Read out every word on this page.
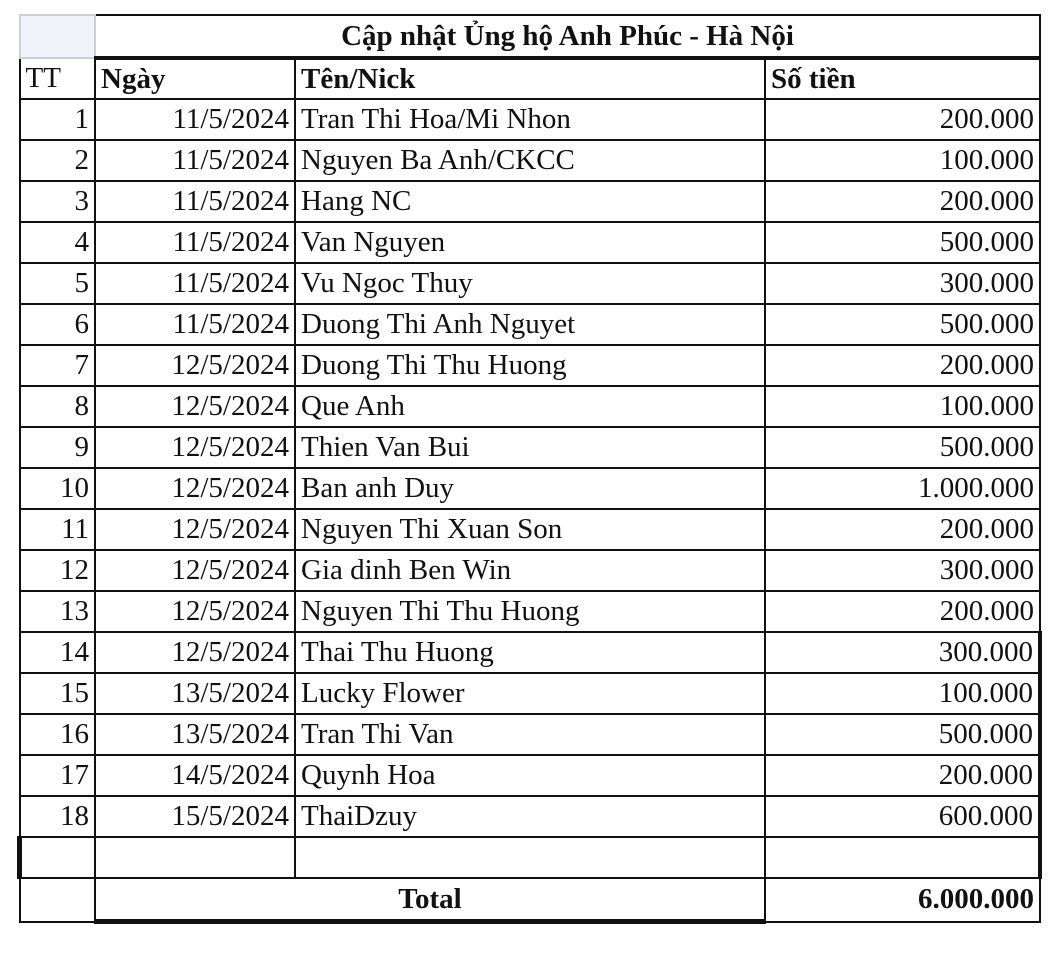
	Cập nhật Ủng hộ Anh Phúc - Hà Nội		
TT	Ngày	Tên/Nick	Số tiền
1	11/5/2024	Tran Thi Hoa/Mi Nhon	200.000
2	11/5/2024	Nguyen Ba Anh/CKCC	100.000
3	11/5/2024	Hang NC	200.000
4	11/5/2024	Van Nguyen	500.000
5	11/5/2024	Vu Ngoc Thuy	300.000
6	11/5/2024	Duong Thi Anh Nguyet	500.000
7	12/5/2024	Duong Thi Thu Huong	200.000
8	12/5/2024	Que Anh	100.000
9	12/5/2024	Thien Van Bui	500.000
10	12/5/2024	Ban anh Duy	1.000.000
11	12/5/2024	Nguyen Thi Xuan Son	200.000
12	12/5/2024	Gia dinh Ben Win	300.000
13	12/5/2024	Nguyen Thi Thu Huong	200.000
14	12/5/2024	Thai Thu Huong	300.000
15	13/5/2024	Lucky Flower	100.000
16	13/5/2024	Tran Thi Van	500.000
17	14/5/2024	Quynh Hoa	200.000
18	15/5/2024	ThaiDzuy	600.000

	Total		6.000.000
